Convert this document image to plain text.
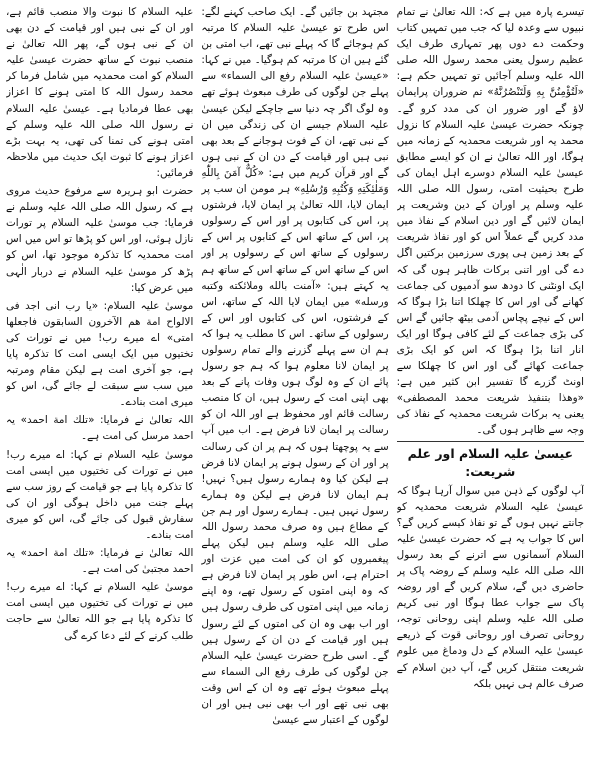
تیسرے پارہ میں ہے کہ: اللہ تعالیٰ نے تمام نبیوں سے وعدہ لیا کہ جب میں تمہیں کتاب وحکمت دے دوں پھر تمہاری طرف ایک عظیم رسول یعنی محمد رسول اللہ صلی اللہ علیہ وسلم آجائیں تو تمہیں حکم ہے: «لَتُؤْمِنُنَّ بِهِ وَلَتَنْصُرُنَّهُ» تم ضروران پرایمان لاؤ گے اور ضرور ان کی مدد کرو گے۔ چونکہ حضرت عیسیٰ علیہ السلام کا نزول محمد یہ اور شریعت محمدیہ کے زمانہ میں ہوگا، اور اللہ تعالیٰ نے ان کو ایسے مطابق عیسیٰ علیہ السلام دوسرے اہل ایمان کی طرح بحیثیت امتی، رسول اللہ صلی اللہ علیہ وسلم پر اوران کے دین وشریعت پر ایمان لائیں گے اور دین اسلام کے نفاذ میں مدد کریں گے عملاً اس کو اور نفاذ شریعت کے بعد زمین ہی پوری سرزمین برکتیں اگل دے گی اور اتنی برکات ظاہر ہوں گی کہ ایک اونٹنی کا دودھ سو آدمیوں کی جماعت کھانے گی اور اس کا چھلکا اتنا بڑا ہوگا کہ اس کے نیچے پچاس آدمی بیٹھ جائیں گے اس کی بڑی جماعت کے لئے کافی ہوگا اور ایک انار اتنا بڑا ہوگا کہ اس کو ایک بڑی جماعت کھائے گی اور اس کا چھلکا سے اونٹ گزرے گا تفسیر ابن کثیر میں ہے: «وهذا بتنفيذ شريعت محمد المصطفى» یعنی یہ برکات شریعت محمدیہ کے نفاذ کی وجہ سے ظاہر ہوں گی۔

عیسیٰ علیہ السلام اور علم شریعت:

آپ لوگوں کے ذہن میں سوال آرہا ہوگا کہ عیسیٰ علیہ السلام شریعت محمدیہ کو جانتے نہیں ہوں گے تو نفاذ کیسے کریں گے؟ اس کا جواب یہ ہے کہ حضرت عیسیٰ علیہ السلام آسمانوں سے اترنے کے بعد رسول اللہ صلی اللہ علیہ وسلم کے روضہ پاک پر حاضری دیں گے، سلام کریں گے اور روضہ پاک سے جواب عطا ہوگا اور نبی کریم صلی اللہ علیہ وسلم اپنی روحانی توجہ، روحانی تصرف اور روحانی قوت کے ذریعے عیسیٰ علیہ السلام کے دل ودماغ میں علوم شریعت منتقل کریں گے، آپ دین اسلام کے صرف عالم ہی نہیں بلکہ

مجتہد بن جائیں گے۔ ایک صاحب کہنے لگے: اس طرح تو عیسیٰ علیہ السلام کا مرتبہ کم ہوجائے گا کہ پہلے نبی تھے، اب امتی بن گئے ہیں ان کا مرتبہ کم ہوگیا۔ میں نے کہا: «عیسیٰ علیہ السلام رفع الی السماء» سے پہلے جن لوگوں کی طرف مبعوث ہوئے تھے وہ لوگ اگر چہ دنیا سے جاچکے لیکن عیسیٰ علیہ السلام جیسے ان کی زندگی میں ان کے نبی تھے، ان کے فوت ہوجانے کے بعد بھی نبی ہیں اور قیامت کے دن ان کے نبی ہوں گے اور قرآن کریم میں ہے: «كُلٌّ آمَنَ بِاللّٰهِ وَمَلٰئِكَتِهِ وَكُتُبِهِ وَرُسُلِهِ» ہر مومن ان سب پر ایمان لایا، اللہ تعالیٰ پر ایمان لایا، فرشتوں پر، اس کی کتابوں پر اور اس کے رسولوں پر، اس کے ساتھ اس کے کتابوں پر اس کے رسولوں کے ساتھ اس کے رسولوں پر اور اس کے ساتھ اس کے ساتھ اس کے ساتھ ہم یہ کہتے ہیں: «آمنت بالله وملائكته وكتبه ورسله» میں ایمان لایا اللہ کے ساتھ، اس کے فرشتوں، اس کی کتابوں اور اس کے رسولوں کے ساتھ۔ اس کا مطلب یہ ہوا کہ ہم ان سے پہلے گزرنے والے تمام رسولوں پر ایمان لانا معلوم ہوا کہ ہم جو رسول پائے ان کے وہ لوگ ہوں وفات پانے کے بعد بھی اپنی امت کے رسول ہیں، ان کا منصب رسالت قائم اور محفوظ ہے اور اللہ ان کو رسالت پر ایمان لانا فرض ہے۔ اب میں آپ سے یہ پوچھتا ہوں کہ ہم پر ان کی رسالت پر اور ان کے رسول ہونے پر ایمان لانا فرض ہے لیکن کیا وہ ہمارے رسول ہیں؟ نہیں! ہم ایمان لانا فرض ہے لیکن وہ ہمارے رسول نہیں ہیں۔ ہمارے رسول اور ہم جن کے مطاع ہیں وہ صرف محمد رسول اللہ صلی اللہ علیہ وسلم ہیں لیکن پہلے پیغمبروں کو ان کی امت میں عزت اور احترام ہے، اس طور پر ایمان لانا فرض ہے کہ وہ اپنی امتوں کے رسول تھے، وہ اپنے زمانہ میں اپنی امتوں کی طرف رسول ہیں اور اب بھی وہ ان کی امتوں کے لئے رسول ہیں اور قیامت کے دن ان کے رسول ہیں گے۔ اسی طرح حضرت عیسیٰ علیہ السلام جن لوگوں کی طرف رفع الی السماء سے پہلے مبعوث ہوئے تھے وہ ان کے اس وقت بھی نبی تھے اور اب بھی نبی ہیں اور ان لوگوں کے اعتبار سے عیسیٰ

علیہ السلام کا نبوت والا منصب قائم ہے، اور ان کے نبی ہیں اور قیامت کے دن بھی ان کے نبی ہوں گے، پھر اللہ تعالیٰ نے منصب نبوت کے ساتھ حضرت عیسیٰ علیہ السلام کو امت محمدیہ میں شامل فرما کر محمد رسول اللہ کا امتی ہونے کا اعزاز بھی عطا فرمادیا ہے۔ عیسیٰ علیہ السلام نے رسول اللہ صلی اللہ علیہ وسلم کے امتی ہونے کی تمنا کی تھی، یہ بہت بڑے اعزاز ہونے کا ثبوت ایک حدیث میں ملاحظہ فرمائیں:

حضرت ابو ہریرہ سے مرفوع حدیث مروی ہے کہ رسول اللہ صلی اللہ علیہ وسلم نے فرمایا: جب موسیٰ علیہ السلام پر تورات نازل ہوئی، اور اس کو پڑھا تو اس میں اس امت محمدیہ کا تذکرہ موجود تھا، اس کو پڑھ کر موسیٰ علیہ السلام نے دربار الٰہی میں عرض کیا:

موسیٰ علیہ السلام: «يا رب انی اجد فی الالواح امة هم الآخرون السابقون فاجعلها امتی» اے میرے رب! میں نے تورات کی تختیوں میں ایک ایسی امت کا تذکرہ پایا ہے، جو آخری امت ہے لیکن مقام ومرتبہ میں سب سے سبقت لے جائے گی، اس کو میری امت بنادے۔

اللہ تعالیٰ نے فرمایا: «تلك امة احمد» یہ احمد مرسل کی امت ہے۔

موسیٰ علیہ السلام نے کہا: اے میرے رب! میں نے تورات کی تختیوں میں ایسی امت کا تذکرہ پایا ہے جو قیامت کے روز سب سے پہلے جنت میں داخل ہوگی اور ان کی سفارش قبول کی جائے گی، اس کو میری امت بنادے۔

اللہ تعالیٰ نے فرمایا: «تلك امة احمد» یہ احمد مجتبیٰ کی امت ہے۔

موسیٰ علیہ السلام نے کہا: اے میرے رب! میں نے تورات کی تختیوں میں ایسی امت کا تذکرہ پایا ہے جو اللہ تعالیٰ سے حاجت طلب کرنے کے لئے دعا کرے گی
